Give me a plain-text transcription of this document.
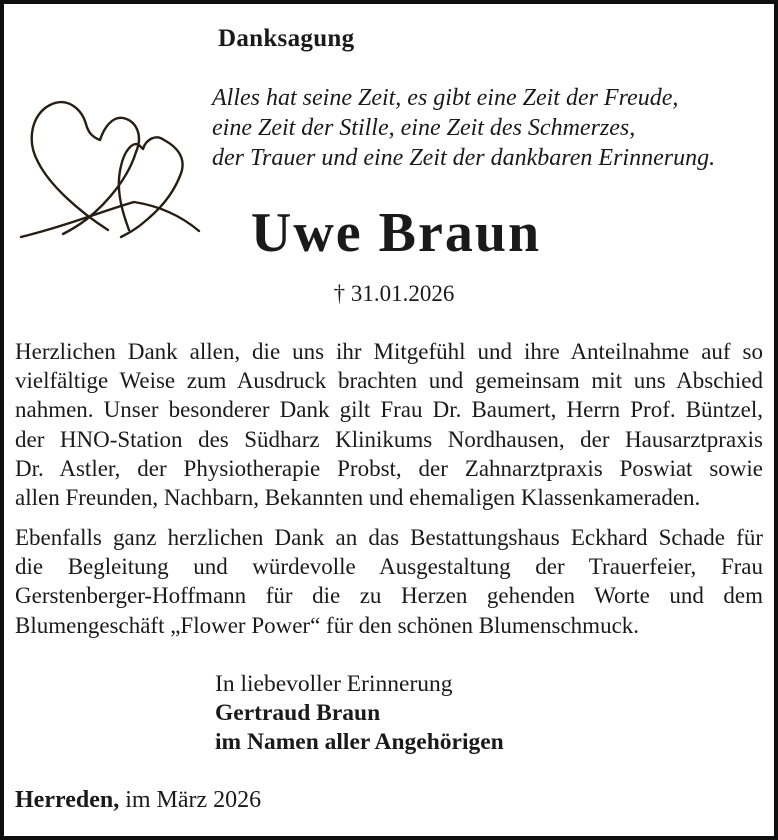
Danksagung
Alles hat seine Zeit, es gibt eine Zeit der Freude,
eine Zeit der Stille, eine Zeit des Schmerzes,
der Trauer und eine Zeit der dankbaren Erinnerung.
Uwe Braun
† 31.01.2026
Herzlichen Dank allen, die uns ihr Mitgefühl und ihre Anteilnahme auf so
vielfältige Weise zum Ausdruck brachten und gemeinsam mit uns Abschied
nahmen. Unser besonderer Dank gilt Frau Dr. Baumert, Herrn Prof. Büntzel,
der HNO-Station des Südharz Klinikums Nordhausen, der Hausarztpraxis
Dr. Astler, der Physiotherapie Probst, der Zahnarztpraxis Poswiat sowie
allen Freunden, Nachbarn, Bekannten und ehemaligen Klassenkameraden.
Ebenfalls ganz herzlichen Dank an das Bestattungshaus Eckhard Schade für
die Begleitung und würdevolle Ausgestaltung der Trauerfeier, Frau
Gerstenberger-Hoffmann für die zu Herzen gehenden Worte und dem
Blumengeschäft „Flower Power“ für den schönen Blumenschmuck.
In liebevoller Erinnerung
Gertraud Braun
im Namen aller Angehörigen
Herreden, im März 2026
